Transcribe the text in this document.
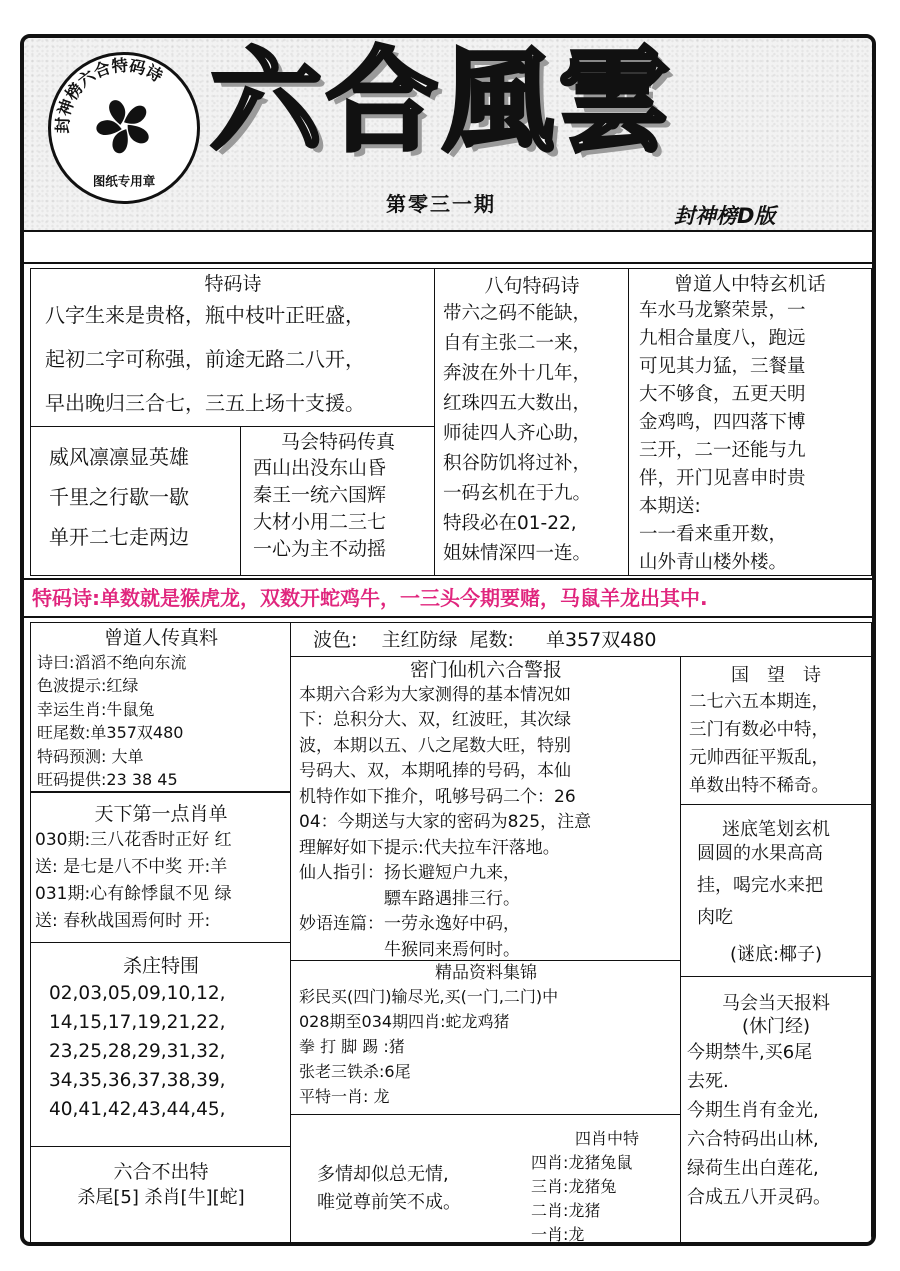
封神榜六合特码诗
图纸专用章
六合風雲
第零三一期	封神榜D版
特码诗
八字生来是贵格，瓶中枝叶正旺盛，
起初二字可称强，前途无路二八开，
早出晚归三合七，三五上场十支援。
威风凛凛显英雄
千里之行歇一歇
单开二七走两边
马会特码传真
西山出没东山昏
秦王一统六国辉
大材小用二三七
一心为主不动摇
八句特码诗
带六之码不能缺，
自有主张二一来，
奔波在外十几年，
红珠四五大数出，
师徒四人齐心助，
积谷防饥将过补，
一码玄机在于九。
特段必在01-22,
姐妹情深四一连。
曾道人中特玄机话
车水马龙繁荣景，一
九相合量度八，跑远
可见其力猛，三餐量
大不够食，五更天明
金鸡鸣，四四落下博
三开，二一还能与九
伴，开门见喜申时贵
本期送:
一一看来重开数，
山外青山楼外楼。
特码诗:单数就是猴虎龙，双数开蛇鸡牛，一三头今期要赌，马鼠羊龙出其中.
曾道人传真料
诗曰:滔滔不绝向东流
色波提示:红绿
幸运生肖:牛鼠兔
旺尾数:单357双480
特码预测: 大单
旺码提供:23 38 45
天下第一点肖单
030期:三八花香时正好 红
送: 是七是八不中奖 开:羊
031期:心有餘悸鼠不见 绿
送: 春秋战国焉何时 开:
杀庄特围
02,03,05,09,10,12,
14,15,17,19,21,22,
23,25,28,29,31,32,
34,35,36,37,38,39,
40,41,42,43,44,45,
六合不出特
杀尾[5] 杀肖[牛][蛇]
波色: 主红防绿 尾数: 单357双480
密门仙机六合警报
本期六合彩为大家测得的基本情况如
下：总积分大、双，红波旺，其次绿
波，本期以五、八之尾数大旺，特别
号码大、双，本期吼捧的号码，本仙
机特作如下推介，吼够号码二个：26
04：今期送与大家的密码为825，注意
理解好如下提示:代夫拉车汗落地。
仙人指引：扬长避短户九来，
　　　　　驃车路遇排三行。
妙语连篇：一劳永逸好中码，
　　　　　牛猴同来焉何时。
精品资料集锦
彩民买(四门)输尽光,买(一门,二门)中
028期至034期四肖:蛇龙鸡猪
拳 打 脚 踢 :猪
张老三铁杀:6尾
平特一肖: 龙
多情却似总无情,
唯觉尊前笑不成。
四肖中特
四肖:龙猪兔鼠
三肖:龙猪兔
二肖:龙猪
一肖:龙
国　望　诗
二七六五本期连，
三门有数必中特，
元帅西征平叛乱，
单数出特不稀奇。
迷底笔划玄机
圆圆的水果高高
挂，喝完水来把
肉吃
(谜底:椰子)
马会当天报料
(休门经)
今期禁牛,买6尾
去死.
今期生肖有金光,
六合特码出山林,
绿荷生出白莲花,
合成五八开灵码。
